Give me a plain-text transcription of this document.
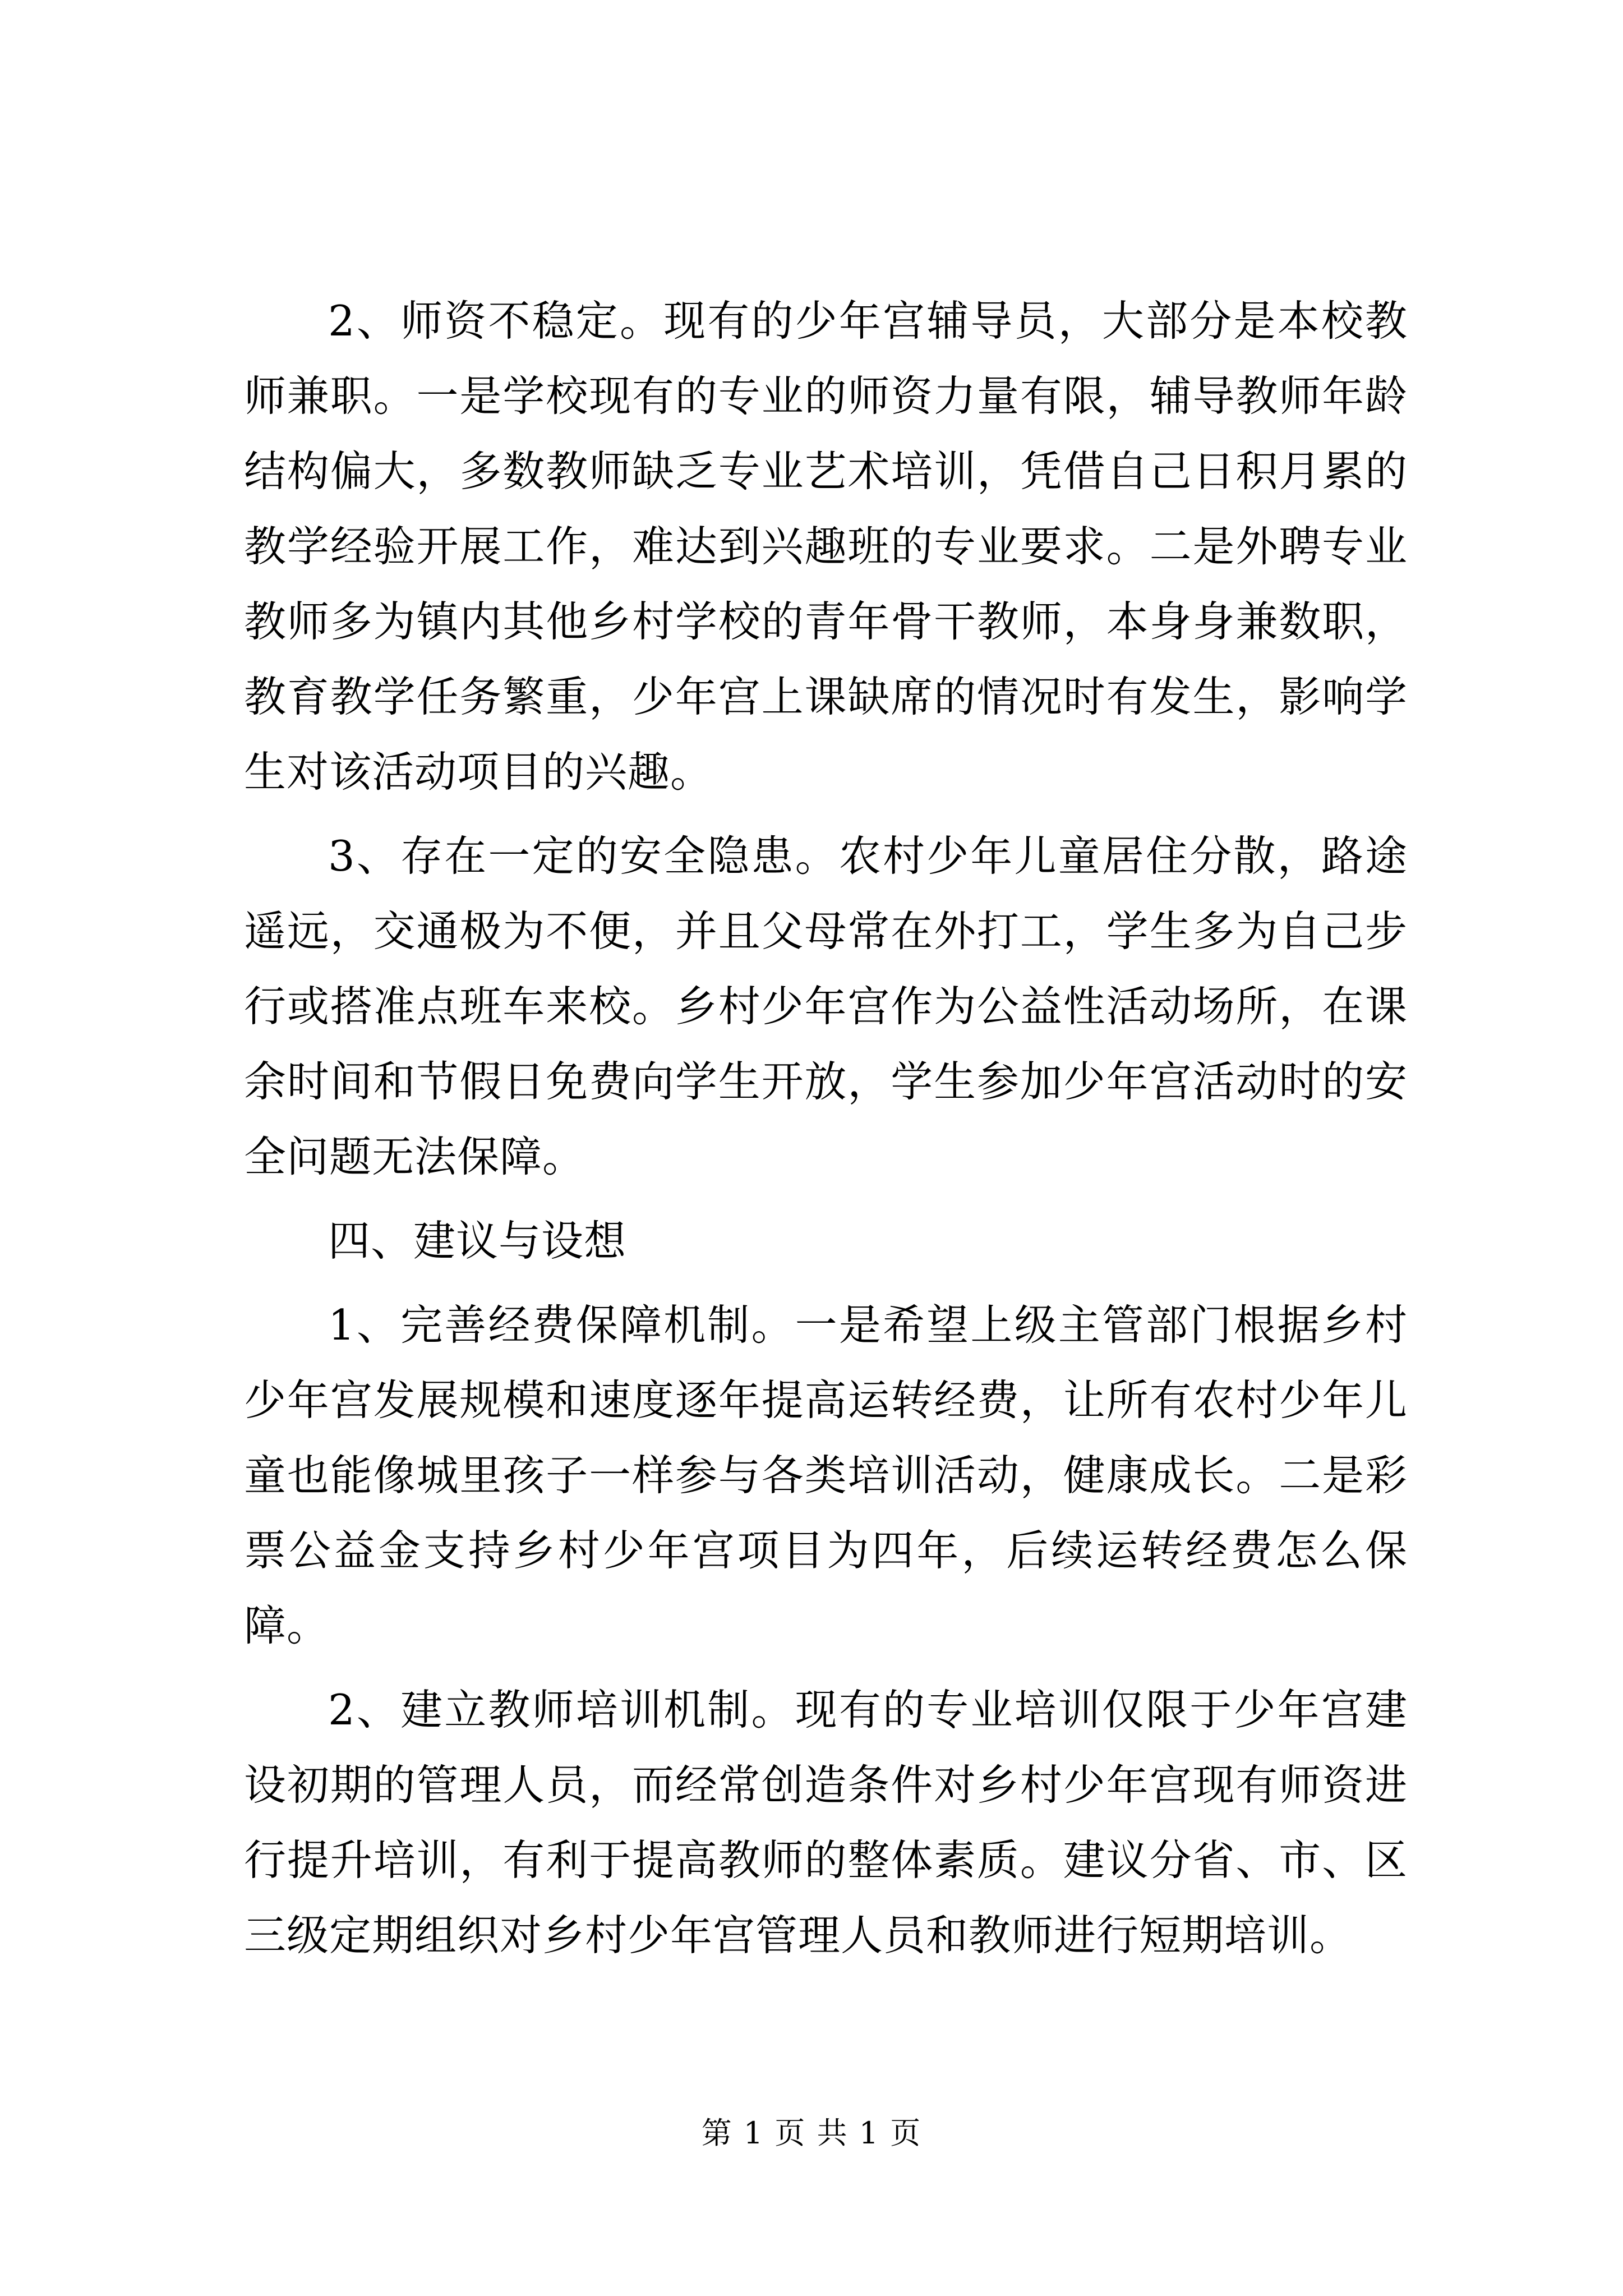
2、师资不稳定。现有的少年宫辅导员，大部分是本校教师兼职。一是学校现有的专业的师资力量有限，辅导教师年龄结构偏大，多数教师缺乏专业艺术培训，凭借自己日积月累的教学经验开展工作，难达到兴趣班的专业要求。二是外聘专业教师多为镇内其他乡村学校的青年骨干教师，本身身兼数职，教育教学任务繁重，少年宫上课缺席的情况时有发生，影响学生对该活动项目的兴趣。

3、存在一定的安全隐患。农村少年儿童居住分散，路途遥远，交通极为不便，并且父母常在外打工，学生多为自己步行或搭准点班车来校。乡村少年宫作为公益性活动场所，在课余时间和节假日免费向学生开放，学生参加少年宫活动时的安全问题无法保障。

四、建议与设想

1、完善经费保障机制。一是希望上级主管部门根据乡村少年宫发展规模和速度逐年提高运转经费，让所有农村少年儿童也能像城里孩子一样参与各类培训活动，健康成长。二是彩票公益金支持乡村少年宫项目为四年，后续运转经费怎么保障。

2、建立教师培训机制。现有的专业培训仅限于少年宫建设初期的管理人员，而经常创造条件对乡村少年宫现有师资进行提升培训，有利于提高教师的整体素质。建议分省、市、区三级定期组织对乡村少年宫管理人员和教师进行短期培训。

第 1 页 共 1 页
